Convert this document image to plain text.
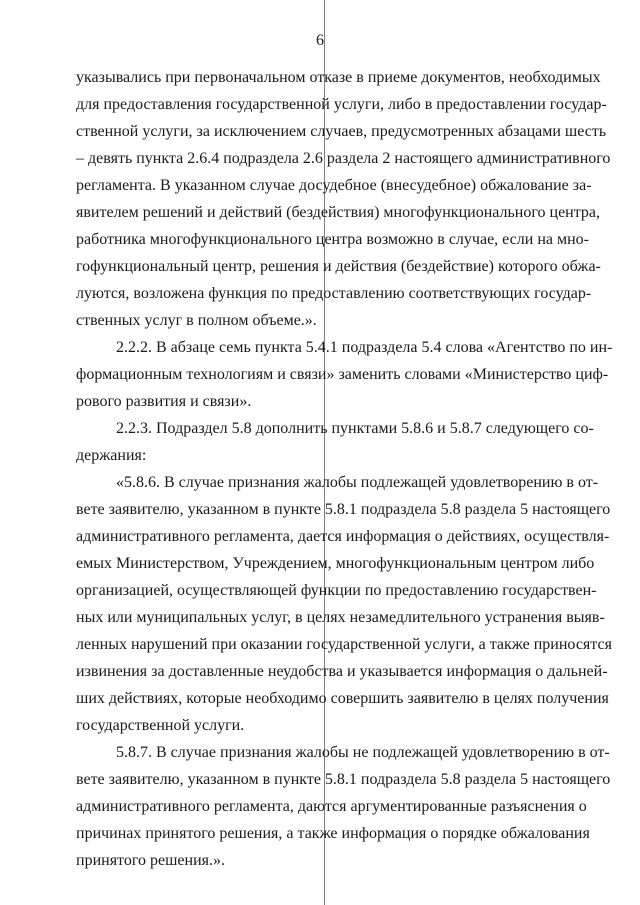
6
указывались при первоначальном отказе в приеме документов, необходимых
для предоставления государственной услуги, либо в предоставлении государ-
ственной услуги, за исключением случаев, предусмотренных абзацами шесть
– девять пункта 2.6.4 подраздела 2.6 раздела 2 настоящего административного
регламента. В указанном случае досудебное (внесудебное) обжалование за-
явителем решений и действий (бездействия) многофункционального центра,
работника многофункционального центра возможно в случае, если на мно-
гофункциональный центр, решения и действия (бездействие) которого обжа-
луются, возложена функция по предоставлению соответствующих государ-
ственных услуг в полном объеме.».
2.2.2. В абзаце семь пункта 5.4.1 подраздела 5.4 слова «Агентство по ин-
формационным технологиям и связи» заменить словами «Министерство циф-
рового развития и связи».
2.2.3. Подраздел 5.8 дополнить пунктами 5.8.6 и 5.8.7 следующего со-
держания:
«5.8.6. В случае признания жалобы подлежащей удовлетворению в от-
вете заявителю, указанном в пункте 5.8.1 подраздела 5.8 раздела 5 настоящего
административного регламента, дается информация о действиях, осуществля-
емых Министерством, Учреждением, многофункциональным центром либо
организацией, осуществляющей функции по предоставлению государствен-
ных или муниципальных услуг, в целях незамедлительного устранения выяв-
ленных нарушений при оказании государственной услуги, а также приносятся
извинения за доставленные неудобства и указывается информация о дальней-
ших действиях, которые необходимо совершить заявителю в целях получения
государственной услуги.
5.8.7. В случае признания жалобы не подлежащей удовлетворению в от-
вете заявителю, указанном в пункте 5.8.1 подраздела 5.8 раздела 5 настоящего
административного регламента, даются аргументированные разъяснения о
причинах принятого решения, а также информация о порядке обжалования
принятого решения.».
